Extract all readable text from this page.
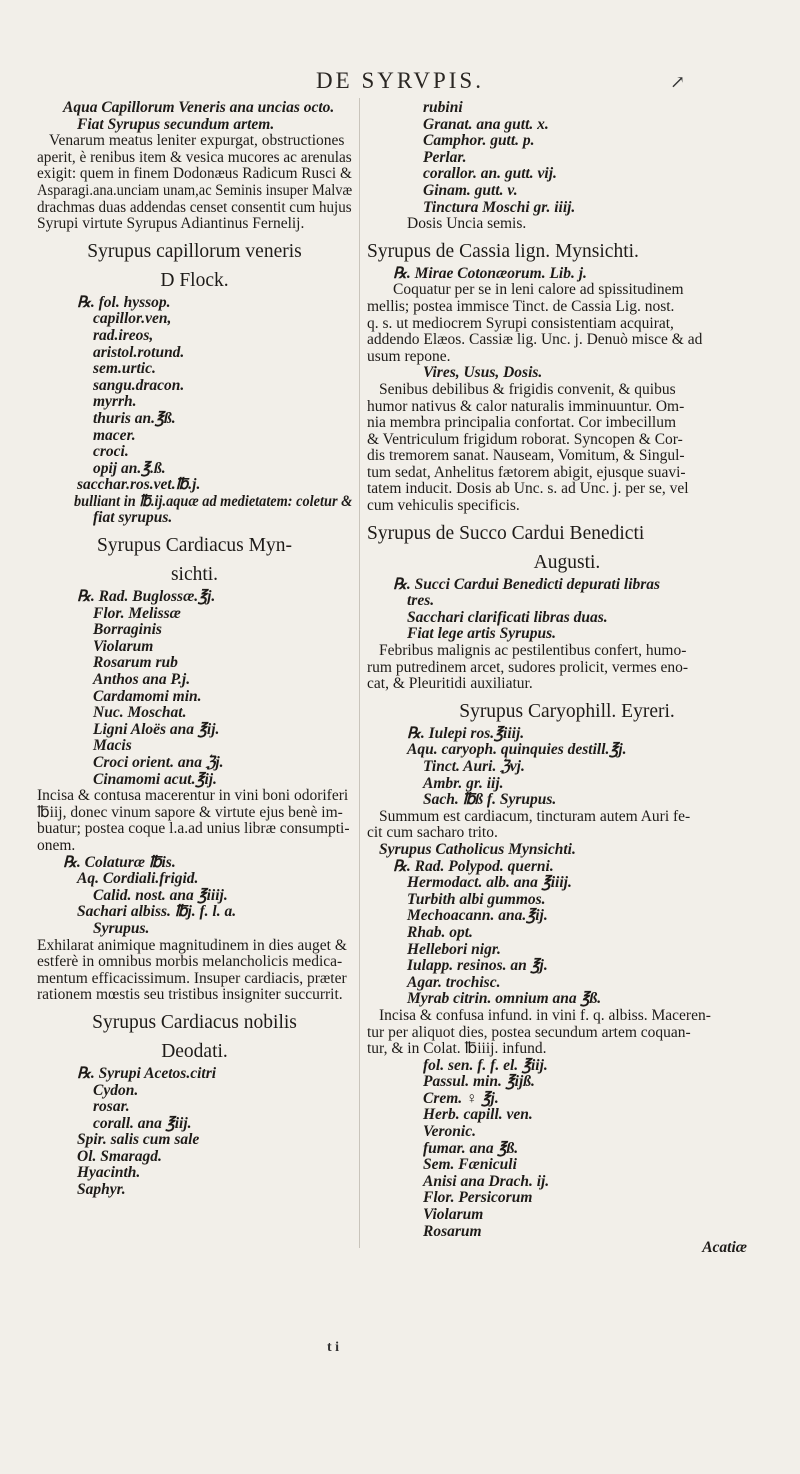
DE SYRVPIS.	↗
Aqua Capillorum Veneris ana uncias octo.
Fiat Syrupus secundum artem.
Venarum meatus leniter expurgat, obstructiones
aperit, è renibus item & vesica mucores ac arenulas
exigit: quem in finem Dodonæus Radicum Rusci &
Asparagi.ana.unciam unam,ac Seminis insuper Malvæ
drachmas duas addendas censet consentit cum hujus
Syrupi virtute Syrupus Adiantinus Fernelij.
Syrupus capillorum veneris
D Flock.
℞. fol. hyssop.
capillor.ven,
rad.ireos,
aristol.rotund.
sem.urtic.
sangu.dracon.
myrrh.
thuris an.℥ß.
macer.
croci.
opij an.℥.ß.
sacchar.ros.vet.℔.j.
bulliant in ℔.ij.aquæ ad medietatem: coletur &
fiat syrupus.
Syrupus Cardiacus Myn-
sichti.
℞. Rad. Buglossæ.℥j.
Flor. Melissæ
Borraginis
Violarum
Rosarum rub
Anthos ana P.j.
Cardamomi min.
Nuc. Moschat.
Ligni Aloës ana ℥ij.
Macis
Croci orient. ana ℨj.
Cinamomi acut.℥ij.
Incisa & contusa macerentur in vini boni odoriferi
℔iij, donec vinum sapore & virtute ejus benè im-
buatur; postea coque l.a.ad unius libræ consumpti-
onem.
℞. Colaturæ ℔is.
Aq. Cordiali.frigid.
Calid. nost. ana ℥iiij.
Sachari albiss. ℔j. f. l. a.
Syrupus.
Exhilarat animique magnitudinem in dies auget &
estferè in omnibus morbis melancholicis medica-
mentum efficacissimum. Insuper cardiacis, præter
rationem mœstis seu tristibus insigniter succurrit.
Syrupus Cardiacus nobilis
Deodati.
℞. Syrupi Acetos.citri
Cydon.
rosar.
corall. ana ℥iij.
Spir. salis cum sale
Ol. Smaragd.
Hyacinth.
Saphyr.
rubini
Granat. ana gutt. x.
Camphor. gutt. p.
Perlar.
corallor. an. gutt. vij.
Ginam. gutt. v.
Tinctura Moschi gr. iiij.
Dosis Uncia semis.
Syrupus de Cassia lign. Mynsichti.
℞. Mirae Cotonæorum. Lib. j.
Coquatur per se in leni calore ad spissitudinem
mellis; postea immisce Tinct. de Cassia Lig. nost.
q. s. ut mediocrem Syrupi consistentiam acquirat,
addendo Elæos. Cassiæ lig. Unc. j. Denuò misce & ad
usum repone.
Vires, Usus, Dosis.
Senibus debilibus & frigidis convenit, & quibus
humor nativus & calor naturalis imminuuntur. Om-
nia membra principalia confortat. Cor imbecillum
& Ventriculum frigidum roborat. Syncopen & Cor-
dis tremorem sanat. Nauseam, Vomitum, & Singul-
tum sedat, Anhelitus fætorem abigit, ejusque suavi-
tatem inducit. Dosis ab Unc. s. ad Unc. j. per se, vel
cum vehiculis specificis.
Syrupus de Succo Cardui Benedicti
Augusti.
℞. Succi Cardui Benedicti depurati libras
tres.
Sacchari clarificati libras duas.
Fiat lege artis Syrupus.
Febribus malignis ac pestilentibus confert, humo-
rum putredinem arcet, sudores prolicit, vermes eno-
cat, & Pleuritidi auxiliatur.
Syrupus Caryophill. Eyreri.
℞. Iulepi ros.℥iiij.
Aqu. caryoph. quinquies destill.℥j.
Tinct. Auri. ℨvj.
Ambr. gr. iij.
Sach. ℔ß f. Syrupus.
Summum est cardiacum, tincturam autem Auri fe-
cit cum sacharo trito.
Syrupus Catholicus Mynsichti.
℞. Rad. Polypod. querni.
Hermodact. alb. ana ℥iiij.
Turbith albi gummos.
Mechoacann. ana.℥ij.
Rhab. opt.
Hellebori nigr.
Iulapp. resinos. an ℥j.
Agar. trochisc.
Myrab citrin. omnium ana ℥ß.
Incisa & confusa infund. in vini f. q. albiss. Maceren-
tur per aliquot dies, postea secundum artem coquan-
tur, & in Colat. ℔iiij. infund.
fol. sen. f. f. el. ℥iij.
Passul. min. ℥ijß.
Crem. ♀ ℥j.
Herb. capill. ven.
Veronic.
fumar. ana ℥ß.
Sem. Fæniculi
Anisi ana Drach. ij.
Flor. Persicorum
Violarum
Rosarum
Acatiæ
t i
